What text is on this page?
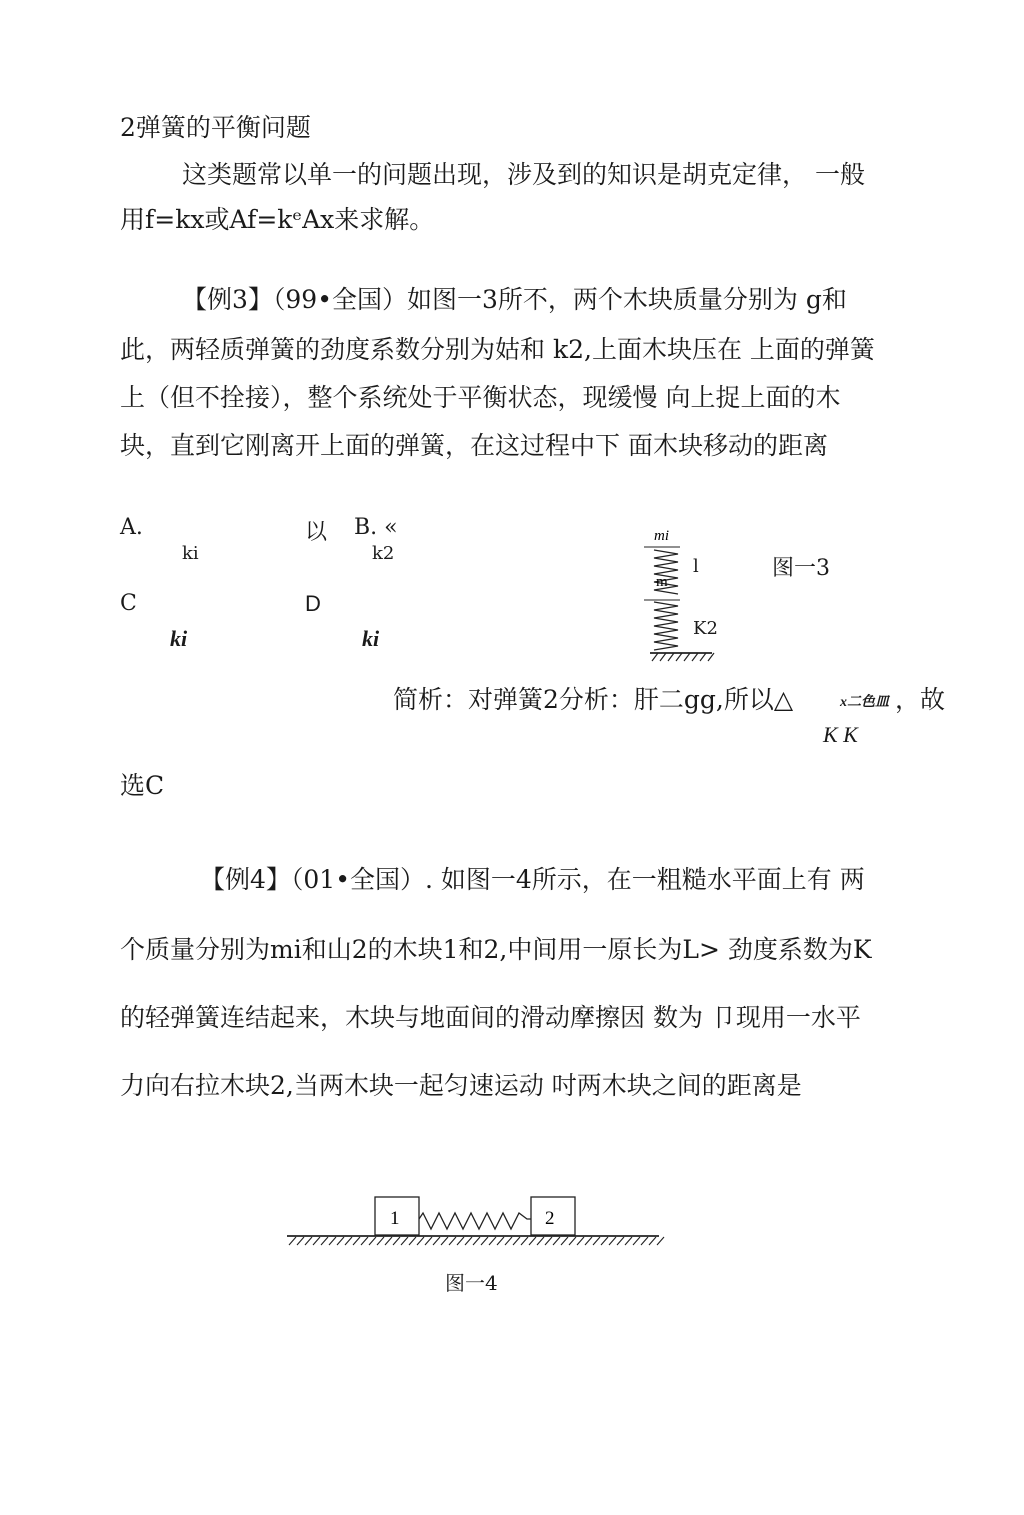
2弹簧的平衡问题
这类题常以单一的问题出现，涉及到的知识是胡克定律， 一般
用f=kx或Af=kᵉAx来求解。
【例3】（99•全国）如图一3所不，两个木块质量分别为 g和
此，两轻质弹簧的劲度系数分别为姑和 k2,上面木块压在 上面的弹簧
上（但不拴接），整个系统处于平衡状态，现缓慢 向上捉上面的木
块，直到它刚离开上面的弹簧，在这过程中下 面木块移动的距离
A.
ki
以 B. «
k2
C
ki
D
ki
mi
m
l
K2
图一3
简析：对弹簧2分析：肝二gg,所以△	x二色皿 ，故
K K
选C
【例4】（01•全国）. 如图一4所示，在一粗糙水平面上有 两
个质量分别为mi和山2的木块1和2,中间用一原长为L> 劲度系数为K
的轻弹簧连结起来，木块与地面间的滑动摩擦因 数为 卩现用一水平
力向右拉木块2,当两木块一起匀速运动 吋两木块之间的距离是
1	2
图一4
